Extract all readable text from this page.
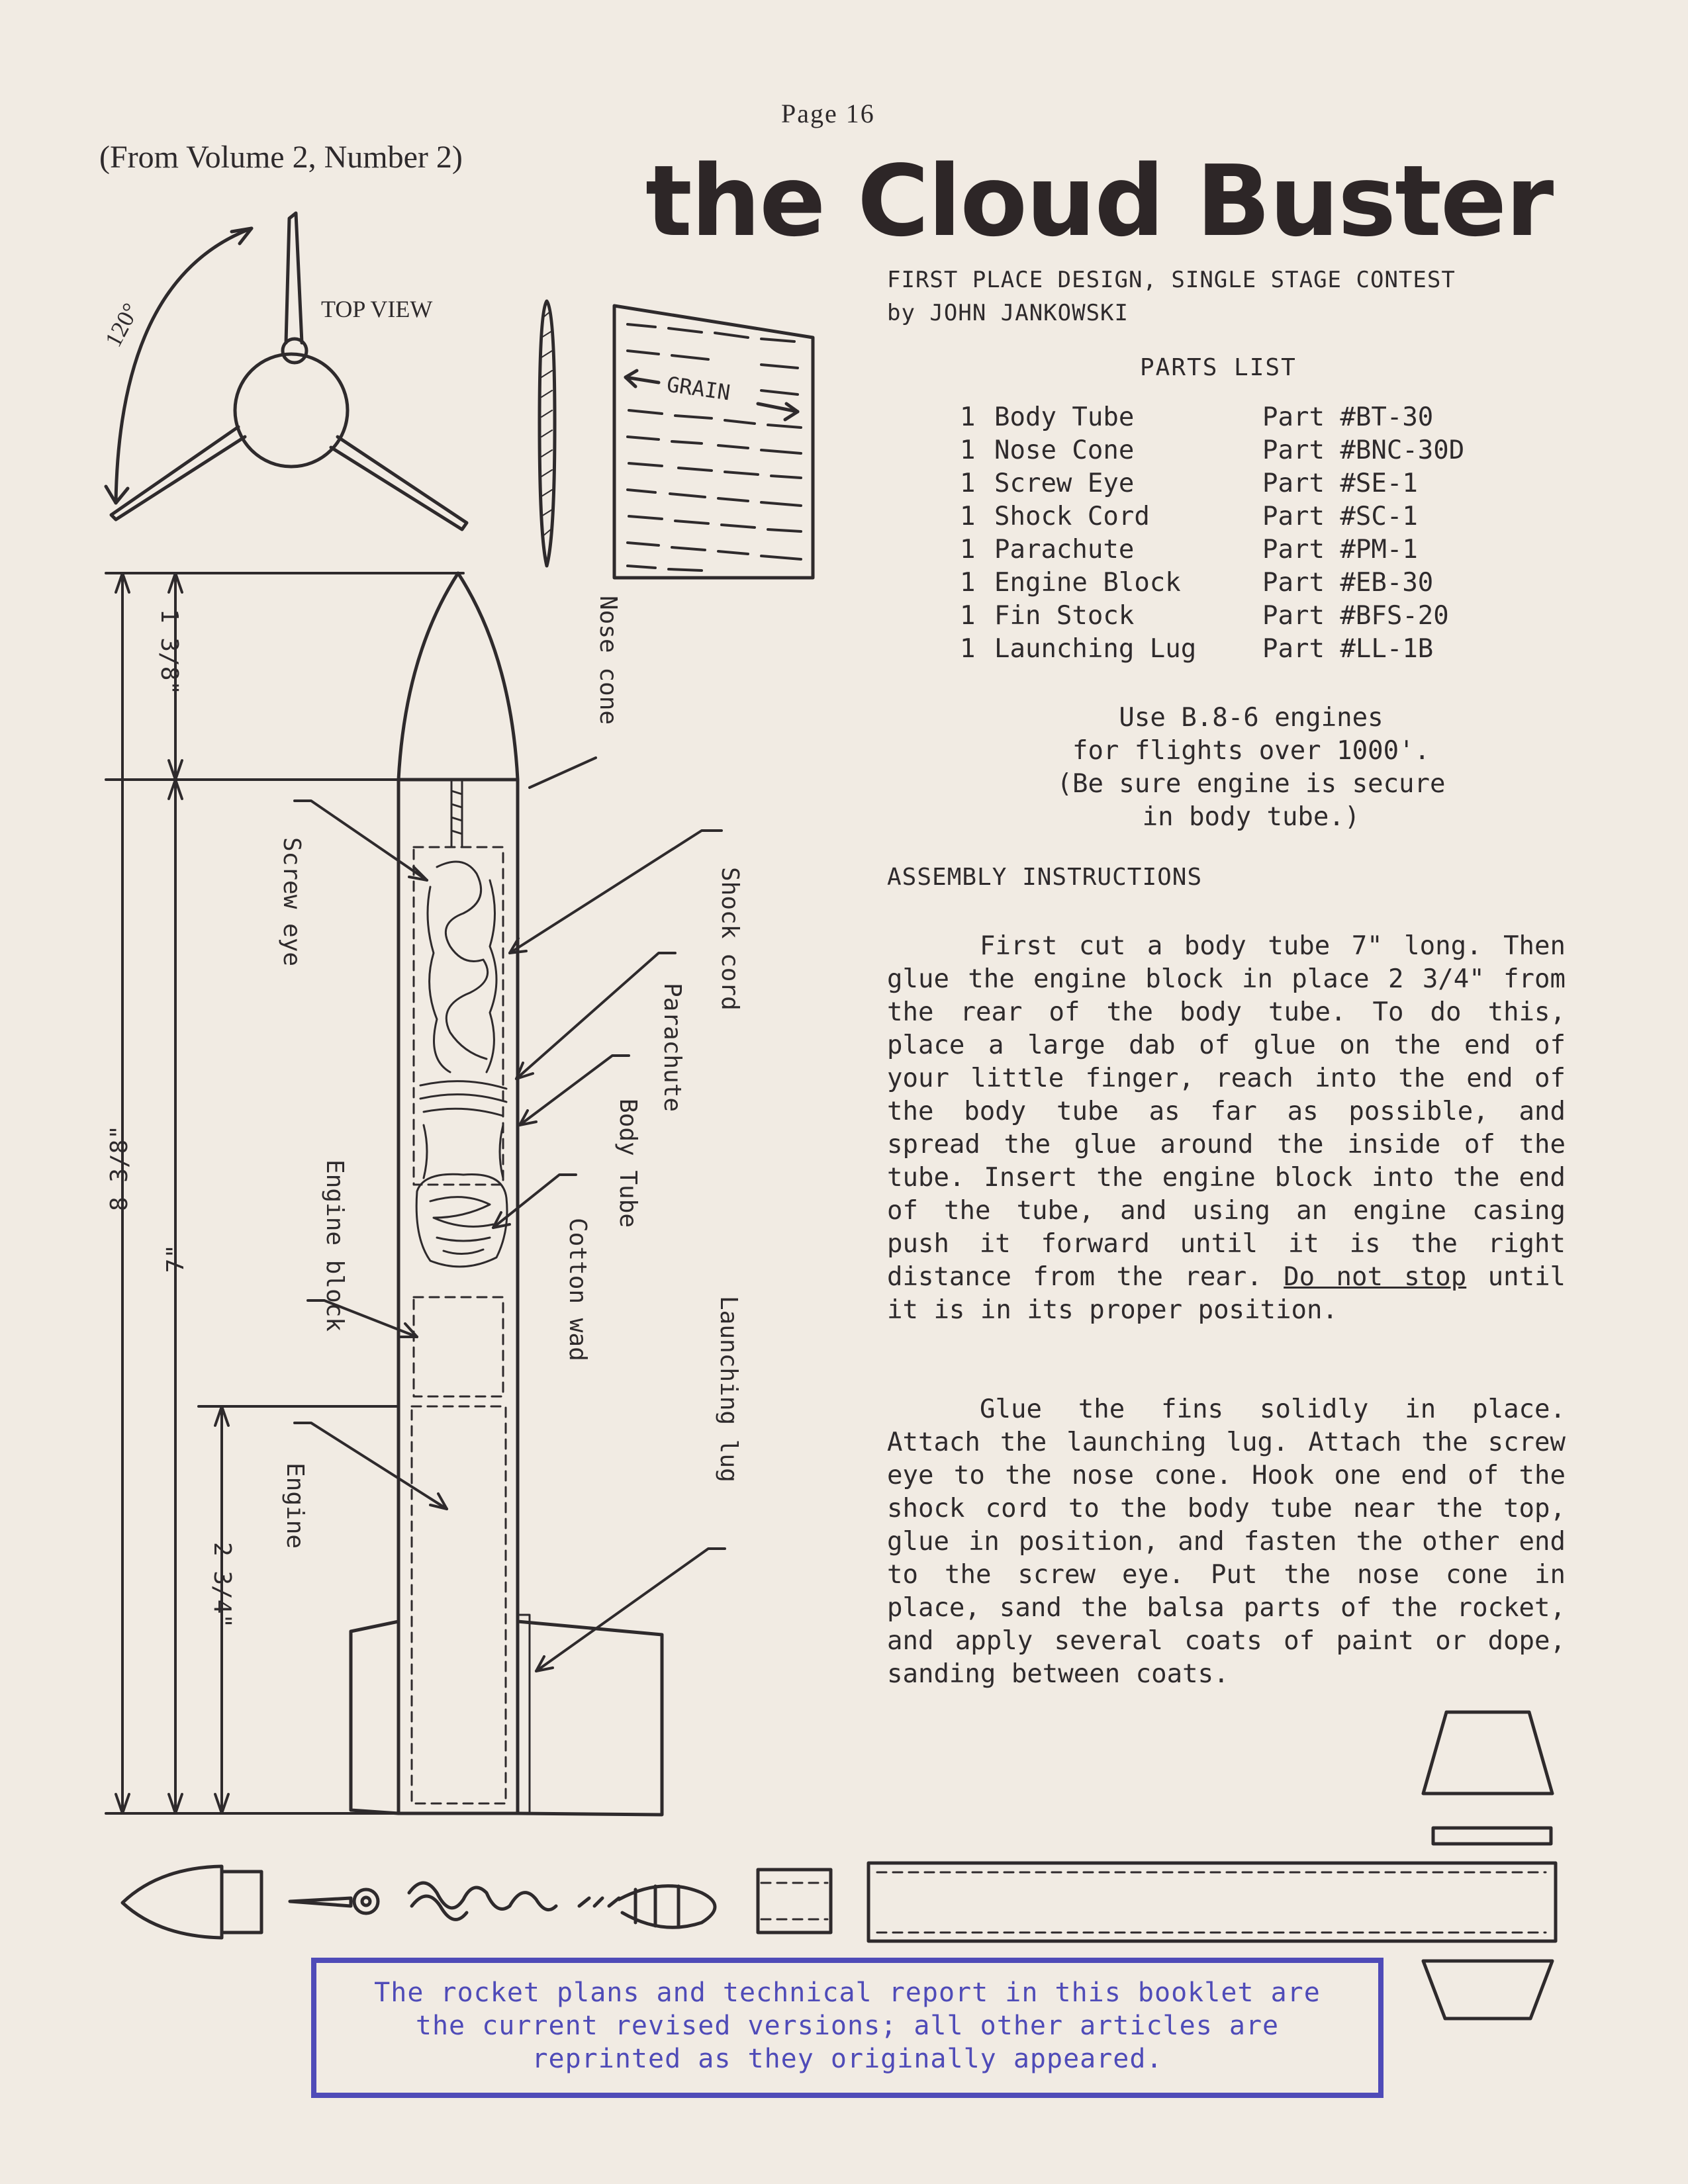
(From Volume 2, Number 2)
Page 16
the Cloud Buster
FIRST PLACE DESIGN, SINGLE STAGE CONTEST
by JOHN JANKOWSKI
PARTS LIST
1 Body Tube	Part #BT-30
1 Nose Cone	Part #BNC-30D
1 Screw Eye	Part #SE-1
1 Shock Cord	Part #SC-1
1 Parachute	Part #PM-1
1 Engine Block	Part #EB-30
1 Fin Stock	Part #BFS-20
1 Launching Lug	Part #LL-1B
Use B.8-6 engines
for flights over 1000'.
(Be sure engine is secure
in body tube.)
ASSEMBLY INSTRUCTIONS

First cut a body tube 7" long. Then glue the engine block in place 2 3/4" from the rear of the body tube. To do this, place a large dab of glue on the end of your little finger, reach into the end of the body tube as far as possible, and spread the glue around the inside of the tube. Insert the engine block into the end of the tube, and using an engine casing push it forward until it is the right distance from the rear. Do not stop until it is in its proper position.

Glue the fins solidly in place. Attach the launching lug. Attach the screw eye to the nose cone. Hook one end of the shock cord to the body tube near the top, glue in position, and fasten the other end to the screw eye. Put the nose cone in place, sand the balsa parts of the rocket, and apply several coats of paint or dope, sanding between coats.

TOP VIEW
120°
GRAIN
1 3/8"
8 3/8"
7"
2 3/4"
Nose cone
Screw eye	Shock cord
Parachute
Body Tube
Engine block	Cotton wad
Launching lug
Engine
The rocket plans and technical report in this booklet are the current revised versions; all other articles are reprinted as they originally appeared.
